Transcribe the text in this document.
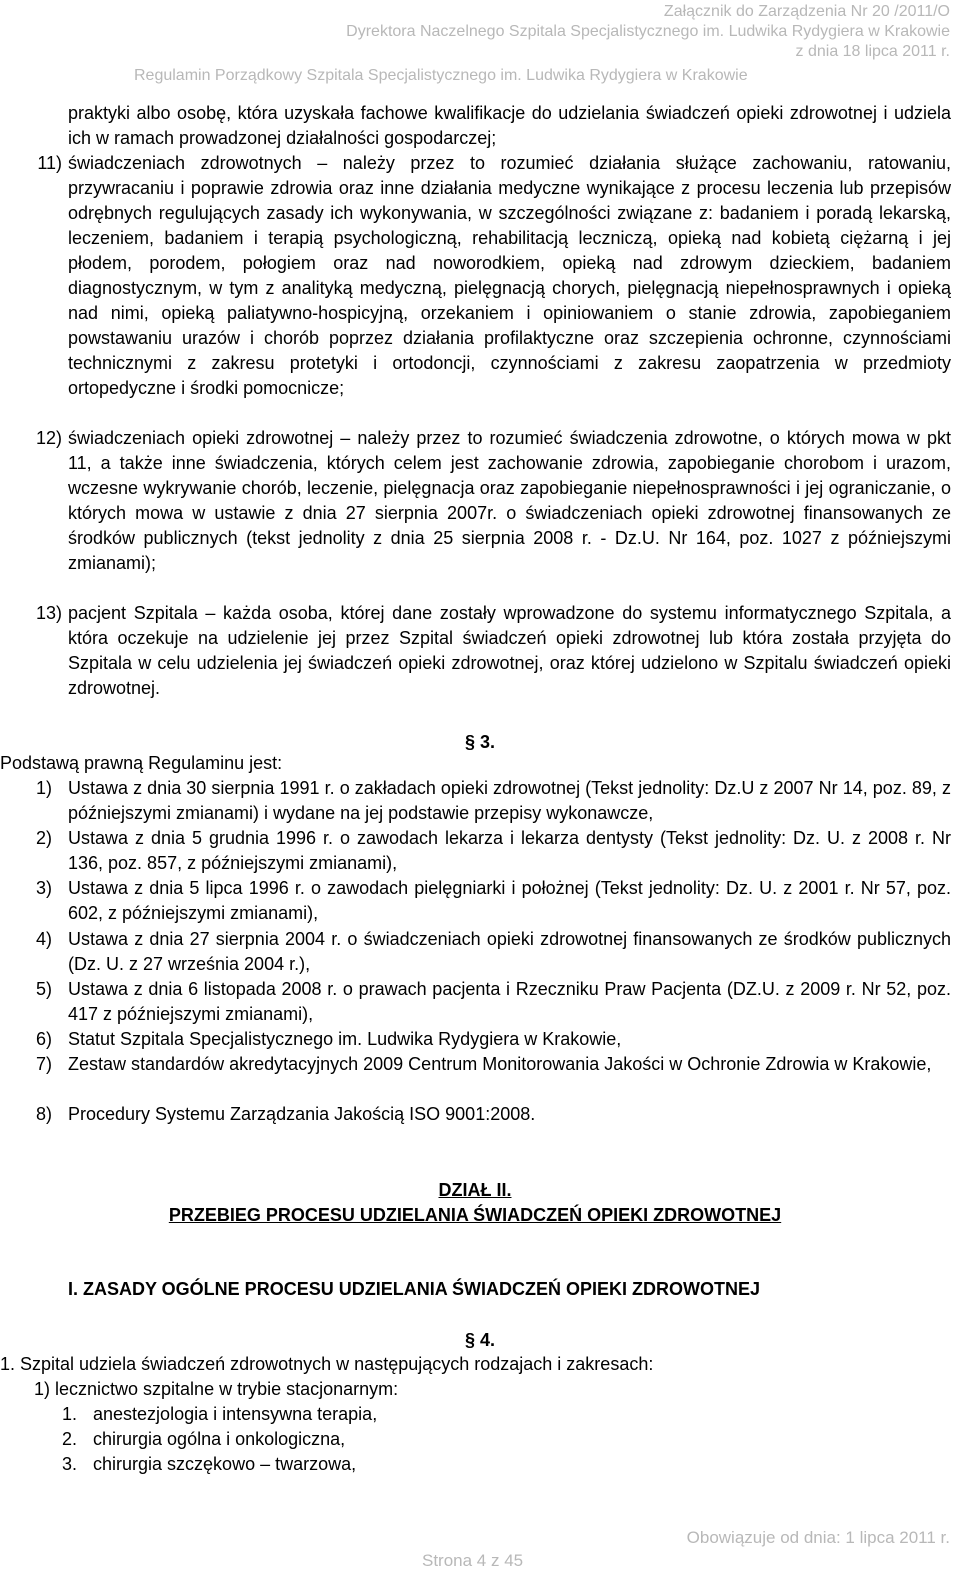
Załącznik do Zarządzenia Nr 20 /2011/O
Dyrektora Naczelnego Szpitala Specjalistycznego im. Ludwika Rydygiera w Krakowie
z dnia 18 lipca 2011 r.
Regulamin Porządkowy Szpitala Specjalistycznego im. Ludwika Rydygiera w Krakowie
praktyki albo osobę, która uzyskała fachowe kwalifikacje do udzielania świadczeń opieki zdrowotnej i udziela ich w ramach prowadzonej działalności gospodarczej;
11) świadczeniach zdrowotnych – należy przez to rozumieć działania służące zachowaniu, ratowaniu, przywracaniu i poprawie zdrowia oraz inne działania medyczne wynikające z procesu leczenia lub przepisów odrębnych regulujących zasady ich wykonywania, w szczególności związane z: badaniem i poradą lekarską, leczeniem, badaniem i terapią psychologiczną, rehabilitacją leczniczą, opieką nad kobietą ciężarną i jej płodem, porodem, połogiem oraz nad noworodkiem, opieką nad zdrowym dzieckiem, badaniem diagnostycznym, w tym z analityką medyczną, pielęgnacją chorych, pielęgnacją niepełnosprawnych i opieką nad nimi, opieką paliatywno-hospicyjną, orzekaniem i opiniowaniem o stanie zdrowia, zapobieganiem powstawaniu urazów i chorób poprzez działania profilaktyczne oraz szczepienia ochronne, czynnościami technicznymi z zakresu protetyki i ortodoncji, czynnościami z zakresu zaopatrzenia w przedmioty ortopedyczne i środki pomocnicze;
12) świadczeniach opieki zdrowotnej – należy przez to rozumieć świadczenia zdrowotne, o których mowa w pkt 11, a także inne świadczenia, których celem jest zachowanie zdrowia, zapobieganie chorobom i urazom, wczesne wykrywanie chorób, leczenie, pielęgnacja oraz zapobieganie niepełnosprawności i jej ograniczanie, o których mowa w ustawie z dnia 27 sierpnia 2007r. o świadczeniach opieki zdrowotnej finansowanych ze środków publicznych (tekst jednolity z dnia 25 sierpnia 2008 r. - Dz.U. Nr 164, poz. 1027 z późniejszymi zmianami);
13) pacjent Szpitala – każda osoba, której dane zostały wprowadzone do systemu informatycznego Szpitala, a która oczekuje na udzielenie jej przez Szpital świadczeń opieki zdrowotnej lub która została przyjęta do Szpitala w celu udzielenia jej świadczeń opieki zdrowotnej, oraz której udzielono w Szpitalu świadczeń opieki zdrowotnej.
§ 3.
Podstawą prawną Regulaminu jest:
1) Ustawa z dnia 30 sierpnia 1991 r. o zakładach opieki zdrowotnej (Tekst jednolity: Dz.U z 2007 Nr 14, poz. 89, z późniejszymi zmianami) i wydane na jej podstawie przepisy wykonawcze,
2) Ustawa z dnia 5 grudnia 1996 r. o zawodach lekarza i lekarza dentysty (Tekst jednolity: Dz. U. z 2008 r. Nr 136, poz. 857, z późniejszymi zmianami),
3) Ustawa z dnia 5 lipca 1996 r. o zawodach pielęgniarki i położnej (Tekst jednolity: Dz. U. z 2001 r. Nr 57, poz. 602, z późniejszymi zmianami),
4) Ustawa z dnia 27 sierpnia 2004 r. o świadczeniach opieki zdrowotnej finansowanych ze środków publicznych (Dz. U. z 27 września 2004 r.),
5) Ustawa z dnia 6 listopada 2008 r. o prawach pacjenta i Rzeczniku Praw Pacjenta (DZ.U. z 2009 r. Nr 52, poz. 417 z późniejszymi zmianami),
6) Statut Szpitala Specjalistycznego im. Ludwika Rydygiera w Krakowie,
7) Zestaw standardów akredytacyjnych 2009 Centrum Monitorowania Jakości w Ochronie Zdrowia w Krakowie,
8) Procedury Systemu Zarządzania Jakością ISO 9001:2008.
DZIAŁ II.
PRZEBIEG PROCESU UDZIELANIA ŚWIADCZEŃ OPIEKI ZDROWOTNEJ
I. ZASADY OGÓLNE PROCESU UDZIELANIA ŚWIADCZEŃ OPIEKI ZDROWOTNEJ
§ 4.
1. Szpital udziela świadczeń zdrowotnych w następujących rodzajach i zakresach:
1) lecznictwo szpitalne w trybie stacjonarnym:
1. anestezjologia i intensywna terapia,
2. chirurgia ogólna i onkologiczna,
3. chirurgia szczękowo – twarzowa,
Obowiązuje od dnia: 1 lipca 2011 r.
Strona 4 z 45
